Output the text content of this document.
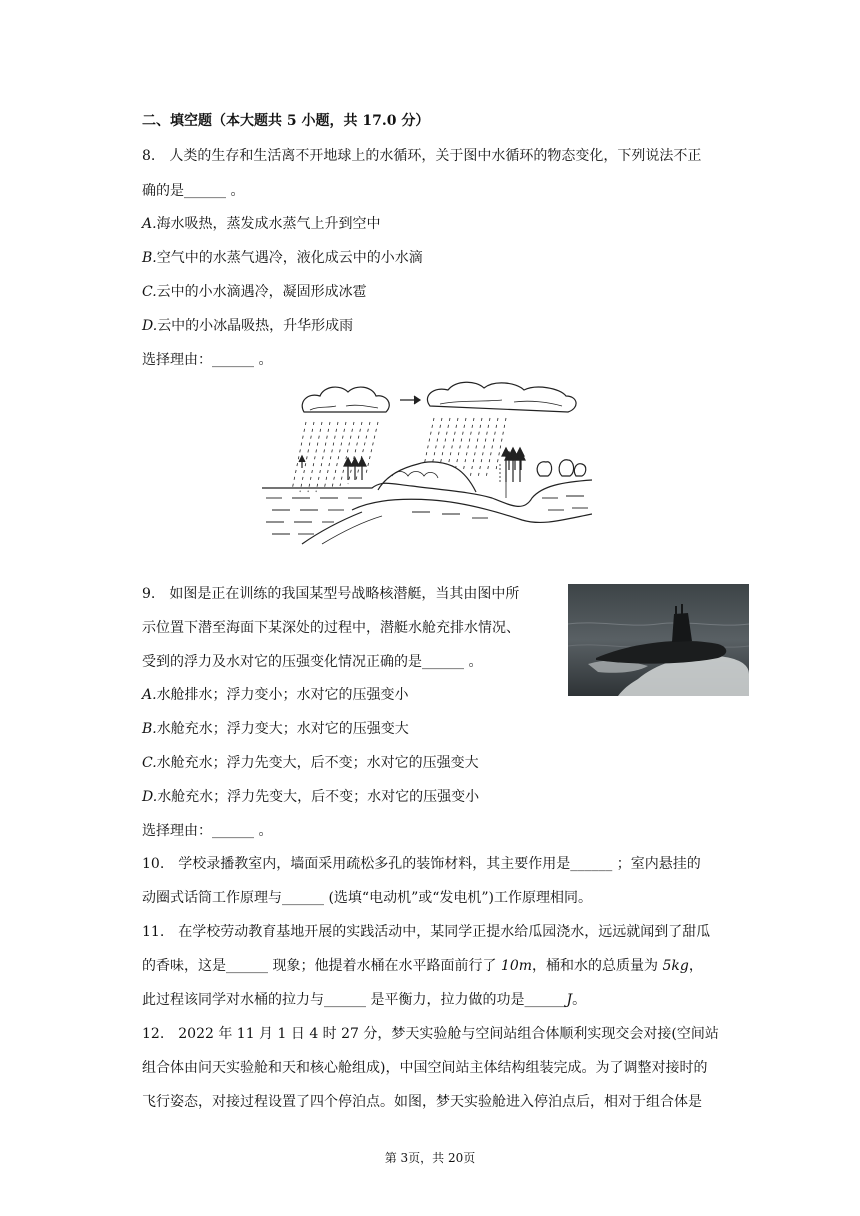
二、填空题（本大题共 5 小题，共 17.0 分）
8.　人类的生存和生活离不开地球上的水循环，关于图中水循环的物态变化，下列说法不正
确的是______ 。
A.海水吸热，蒸发成水蒸气上升到空中
B.空气中的水蒸气遇冷，液化成云中的小水滴
C.云中的小水滴遇冷，凝固形成冰雹
D.云中的小冰晶吸热，升华形成雨
选择理由：______ 。
9.　如图是正在训练的我国某型号战略核潜艇，当其由图中所
示位置下潜至海面下某深处的过程中，潜艇水舱充排水情况、
受到的浮力及水对它的压强变化情况正确的是______ 。
A.水舱排水；浮力变小；水对它的压强变小
B.水舱充水；浮力变大；水对它的压强变大
C.水舱充水；浮力先变大，后不变；水对它的压强变大
D.水舱充水；浮力先变大，后不变；水对它的压强变小
选择理由：______ 。
10.　学校录播教室内，墙面采用疏松多孔的装饰材料，其主要作用是______ ；室内悬挂的
动圈式话筒工作原理与______ (选填“电动机”或“发电机”)工作原理相同。
11.　在学校劳动教育基地开展的实践活动中，某同学正提水给瓜园浇水，远远就闻到了甜瓜
的香味，这是______ 现象；他提着水桶在水平路面前行了 10m，桶和水的总质量为 5kg，
此过程该同学对水桶的拉力与______ 是平衡力，拉力做的功是______J。
12.　2022 年 11 月 1 日 4 时 27 分，梦天实验舱与空间站组合体顺利实现交会对接(空间站
组合体由问天实验舱和天和核心舱组成)，中国空间站主体结构组装完成。为了调整对接时的
飞行姿态，对接过程设置了四个停泊点。如图，梦天实验舱进入停泊点后，相对于组合体是
第 3页，共 20页
